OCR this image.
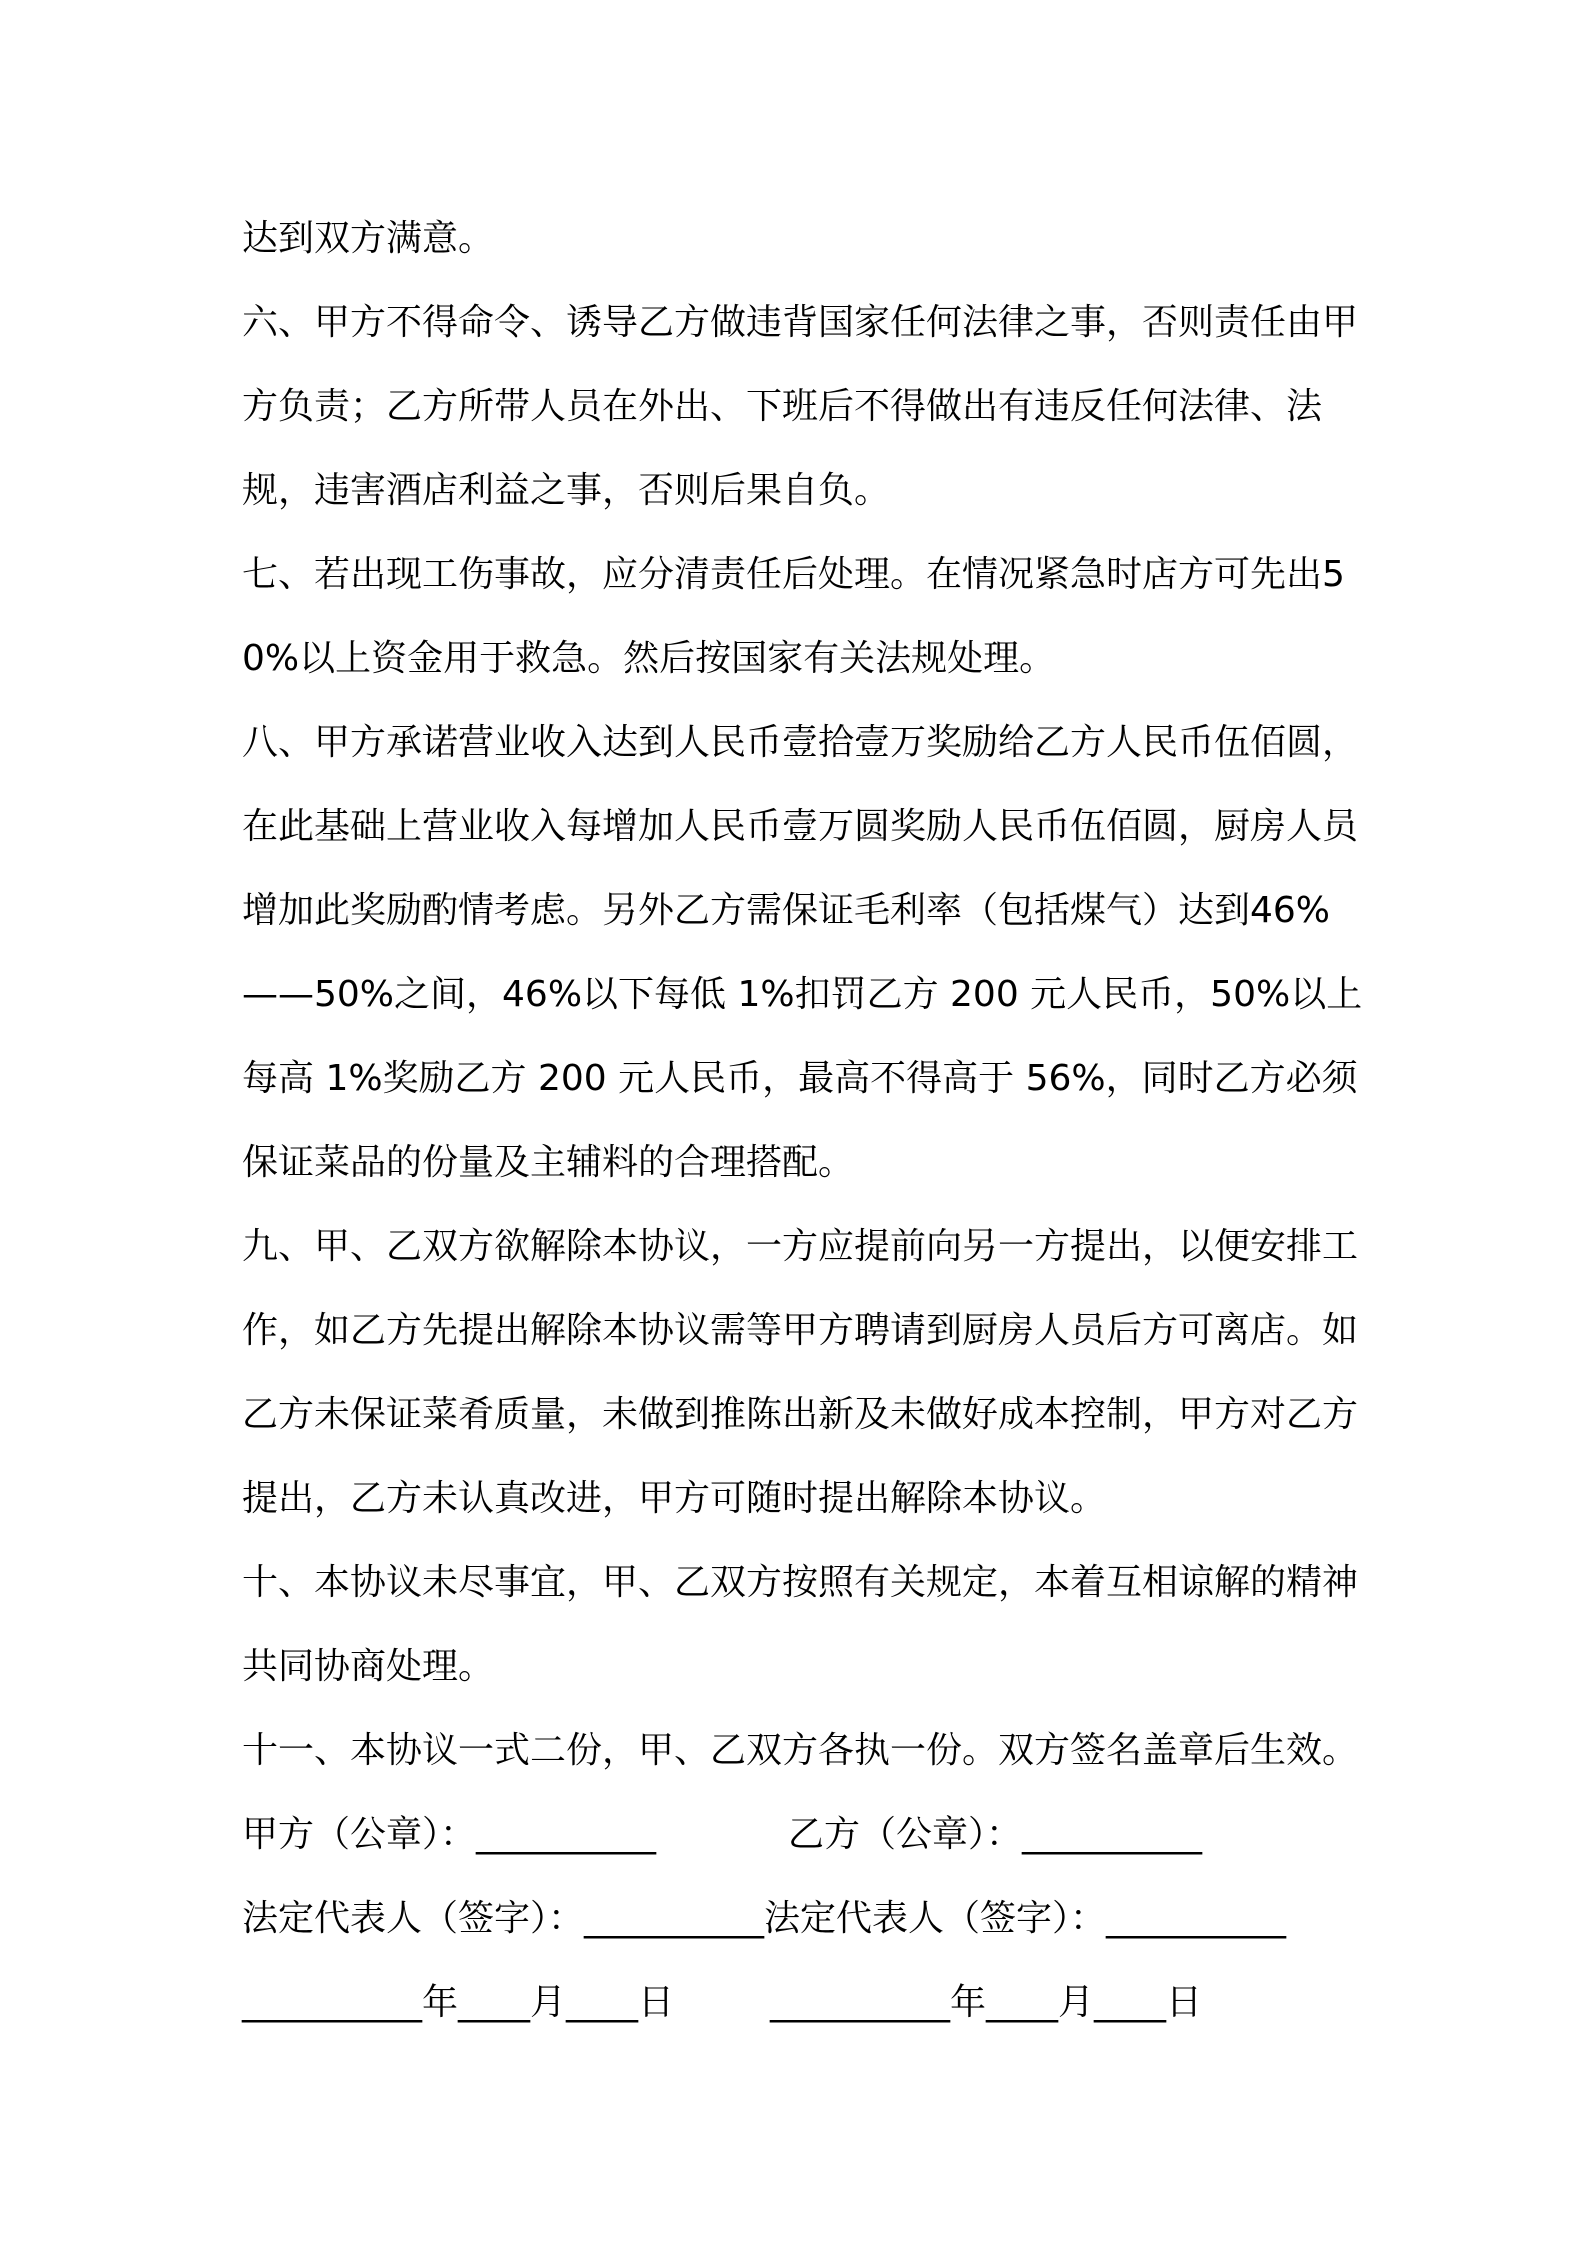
达到双方满意。

六、甲方不得命令、诱导乙方做违背国家任何法律之事，否则责任由甲方负责；乙方所带人员在外出、下班后不得做出有违反任何法律、法规，违害酒店利益之事，否则后果自负。

七、若出现工伤事故，应分清责任后处理。在情况紧急时店方可先出50%以上资金用于救急。然后按国家有关法规处理。

八、甲方承诺营业收入达到人民币壹拾壹万奖励给乙方人民币伍佰圆，在此基础上营业收入每增加人民币壹万圆奖励人民币伍佰圆，厨房人员增加此奖励酌情考虑。另外乙方需保证毛利率（包括煤气）达到46%——50%之间，46%以下每低 1%扣罚乙方 200 元人民币，50%以上每高 1%奖励乙方 200 元人民币，最高不得高于 56%，同时乙方必须保证菜品的份量及主辅料的合理搭配。

九、甲、乙双方欲解除本协议，一方应提前向另一方提出，以便安排工作，如乙方先提出解除本协议需等甲方聘请到厨房人员后方可离店。如乙方未保证菜肴质量，未做到推陈出新及未做好成本控制，甲方对乙方提出，乙方未认真改进，甲方可随时提出解除本协议。

十、本协议未尽事宜，甲、乙双方按照有关规定，本着互相谅解的精神共同协商处理。

十一、本协议一式二份，甲、乙双方各执一份。双方签名盖章后生效。

甲方（公章）：__________	乙方（公章）：__________
法定代表人（签字）：__________ 法定代表人（签字）：__________
__________年____月____日	__________年____月____日
